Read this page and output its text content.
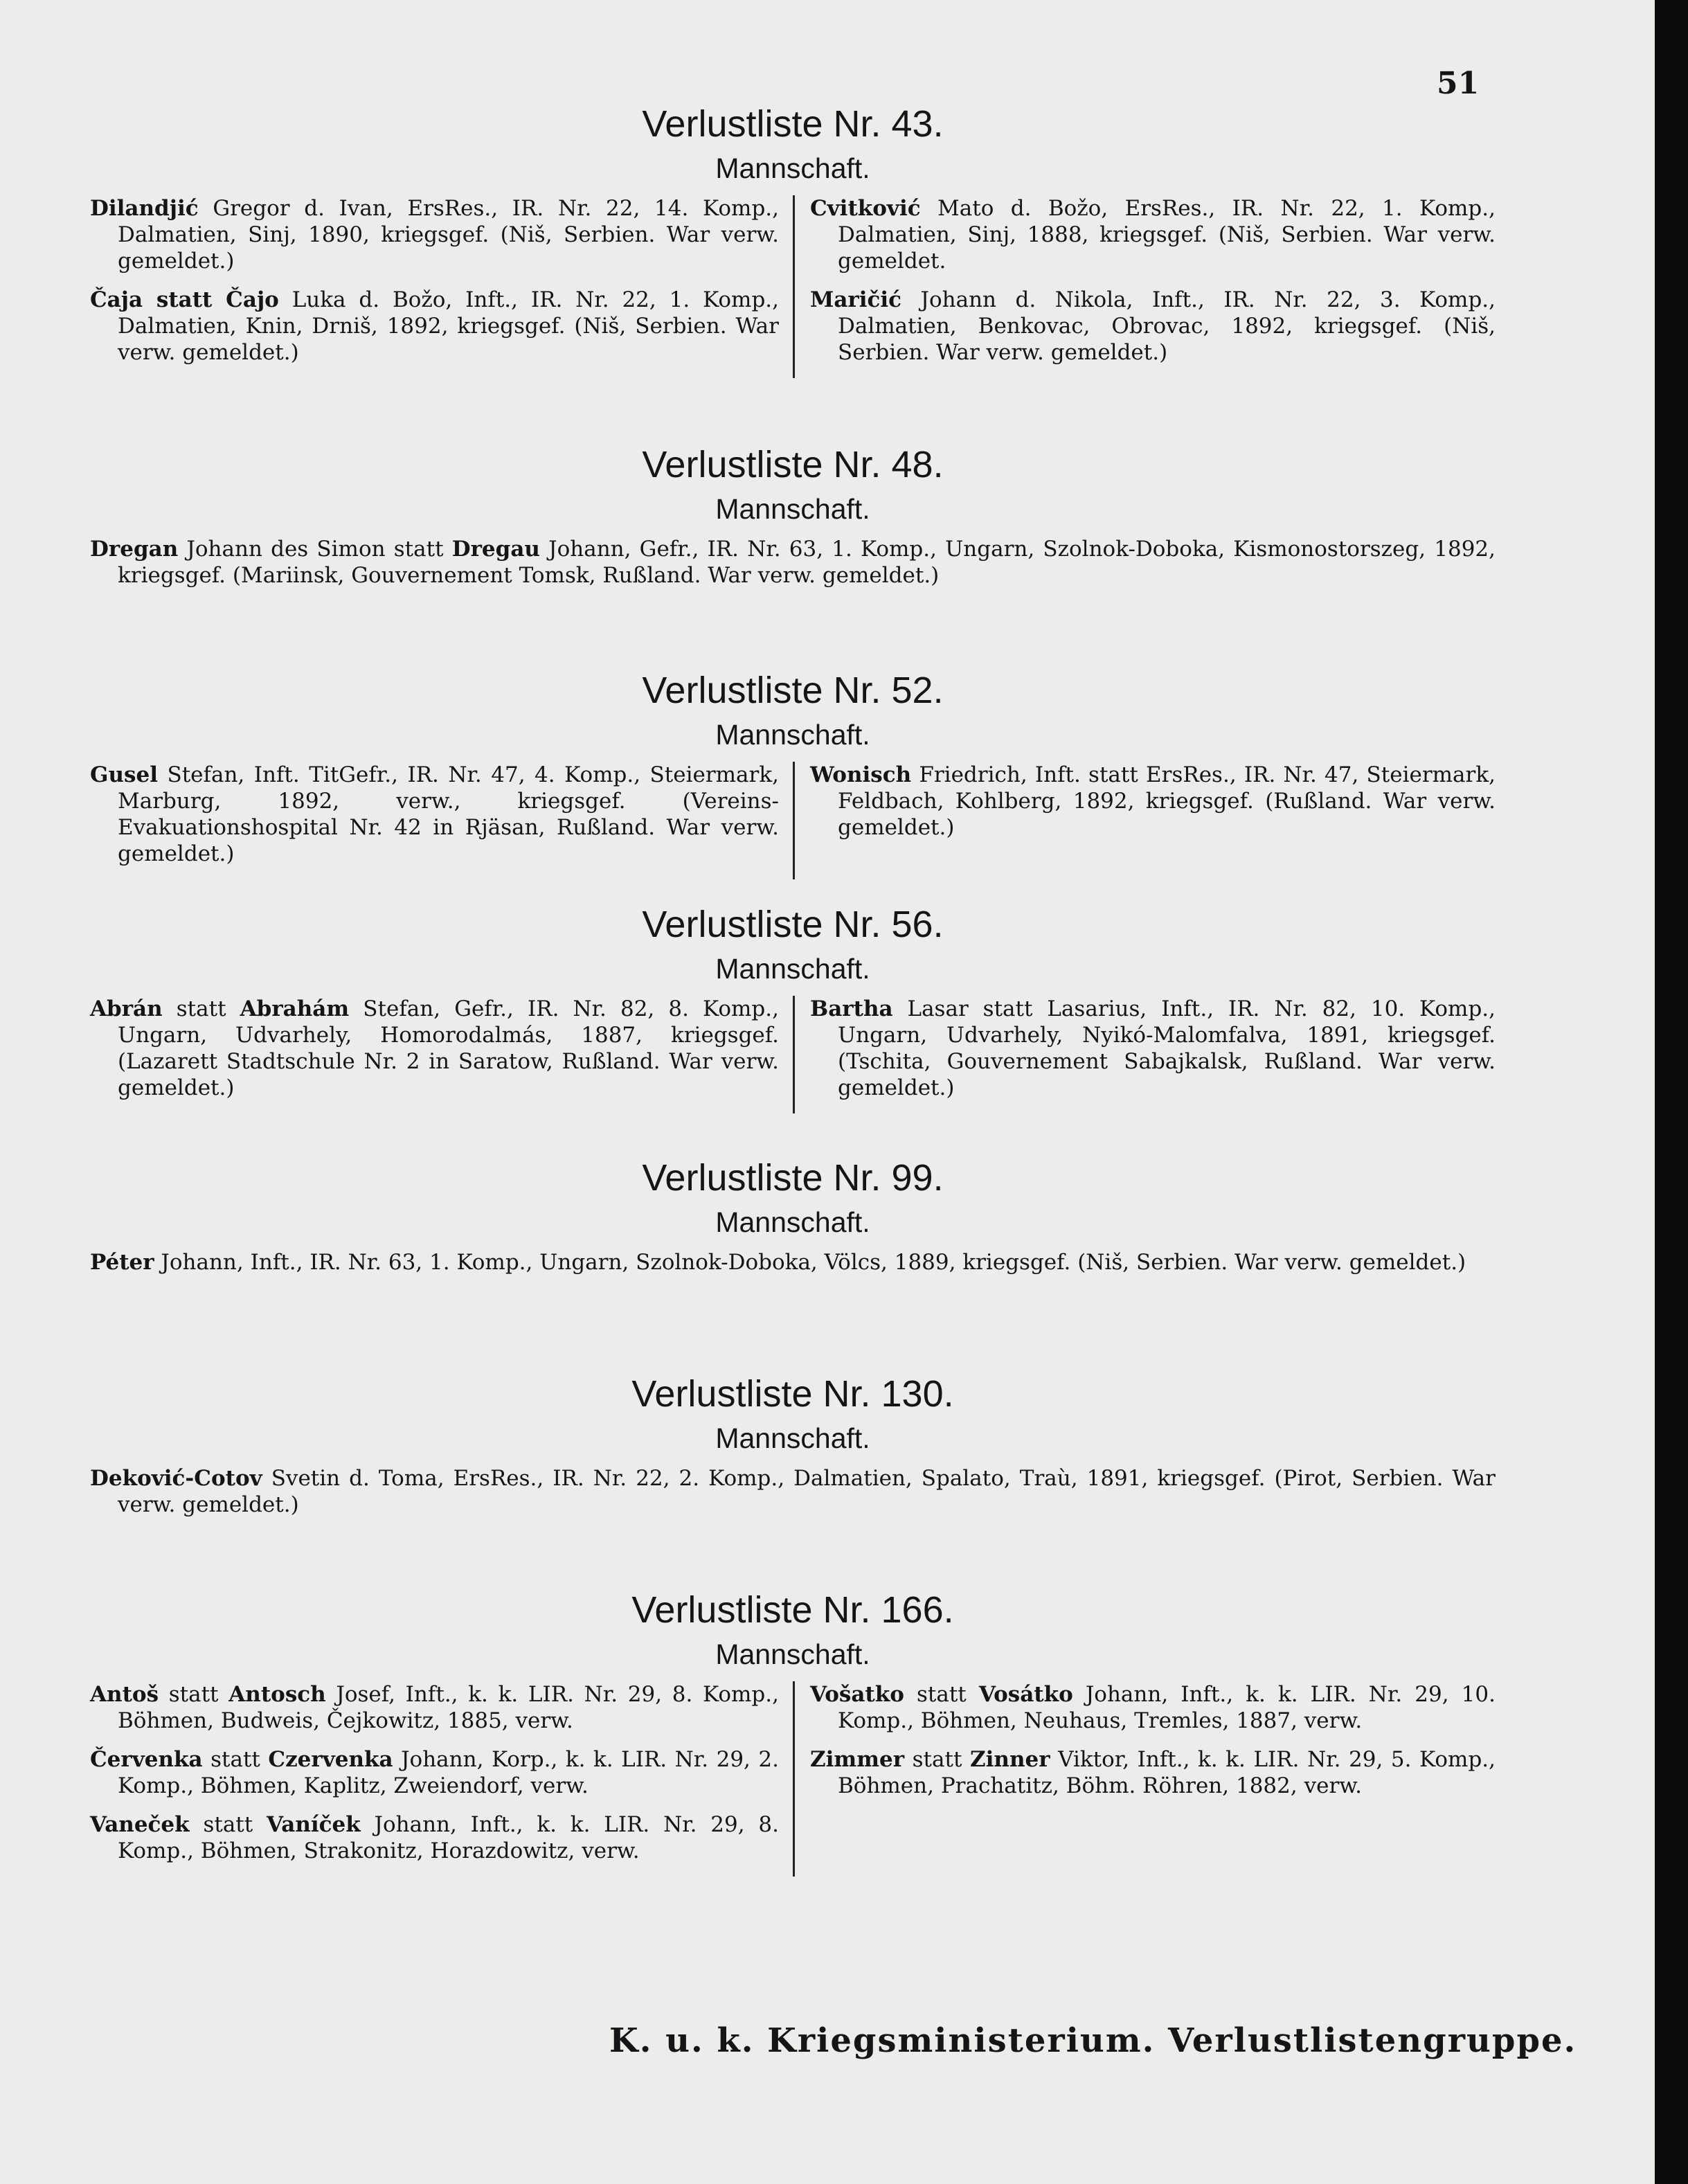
51
Verlustliste Nr. 43.
Mannschaft.

Dilandjić Gregor d. Ivan, ErsRes., IR. Nr. 22, 14. Komp., Dalmatien, Sinj, 1890, kriegsgef. (Niš, Serbien. War verw. gemeldet.)

Čaja statt Čajo Luka d. Božo, Inft., IR. Nr. 22, 1. Komp., Dalmatien, Knin, Drniš, 1892, kriegsgef. (Niš, Serbien. War verw. gemeldet.)

Cvitković Mato d. Božo, ErsRes., IR. Nr. 22, 1. Komp., Dalmatien, Sinj, 1888, kriegsgef. (Niš, Serbien. War verw. gemeldet.

Maričić Johann d. Nikola, Inft., IR. Nr. 22, 3. Komp., Dalmatien, Benkovac, Obrovac, 1892, kriegsgef. (Niš, Serbien. War verw. gemeldet.)

Verlustliste Nr. 48.
Mannschaft.

Dregan Johann des Simon statt Dregau Johann, Gefr., IR. Nr. 63, 1. Komp., Ungarn, Szolnok-Doboka, Kismonostorszeg, 1892, kriegsgef. (Mariinsk, Gouvernement Tomsk, Rußland. War verw. gemeldet.)

Verlustliste Nr. 52.
Mannschaft.

Gusel Stefan, Inft. TitGefr., IR. Nr. 47, 4. Komp., Steiermark, Marburg, 1892, verw., kriegsgef. (Vereins-Evakuationshospital Nr. 42 in Rjäsan, Rußland. War verw. gemeldet.)

Wonisch Friedrich, Inft. statt ErsRes., IR. Nr. 47, Steiermark, Feldbach, Kohlberg, 1892, kriegsgef. (Rußland. War verw. gemeldet.)

Verlustliste Nr. 56.
Mannschaft.

Abrán statt Abrahám Stefan, Gefr., IR. Nr. 82, 8. Komp., Ungarn, Udvarhely, Homorodalmás, 1887, kriegsgef. (Lazarett Stadtschule Nr. 2 in Saratow, Rußland. War verw. gemeldet.)

Bartha Lasar statt Lasarius, Inft., IR. Nr. 82, 10. Komp., Ungarn, Udvarhely, Nyikó-Malomfalva, 1891, kriegsgef. (Tschita, Gouvernement Sabajkalsk, Rußland. War verw. gemeldet.)

Verlustliste Nr. 99.
Mannschaft.

Péter Johann, Inft., IR. Nr. 63, 1. Komp., Ungarn, Szolnok-Doboka, Völcs, 1889, kriegsgef. (Niš, Serbien. War verw. gemeldet.)

Verlustliste Nr. 130.
Mannschaft.

Deković-Cotov Svetin d. Toma, ErsRes., IR. Nr. 22, 2. Komp., Dalmatien, Spalato, Traù, 1891, kriegsgef. (Pirot, Serbien. War verw. gemeldet.)

Verlustliste Nr. 166.
Mannschaft.

Antoš statt Antosch Josef, Inft., k. k. LIR. Nr. 29, 8. Komp., Böhmen, Budweis, Čejkowitz, 1885, verw.

Červenka statt Czervenka Johann, Korp., k. k. LIR. Nr. 29, 2. Komp., Böhmen, Kaplitz, Zweiendorf, verw.

Vaneček statt Vaníček Johann, Inft., k. k. LIR. Nr. 29, 8. Komp., Böhmen, Strakonitz, Horazdowitz, verw.

Vošatko statt Vosátko Johann, Inft., k. k. LIR. Nr. 29, 10. Komp., Böhmen, Neuhaus, Tremles, 1887, verw.

Zimmer statt Zinner Viktor, Inft., k. k. LIR. Nr. 29, 5. Komp., Böhmen, Prachatitz, Böhm. Röhren, 1882, verw.

K. u. k. Kriegsministerium. Verlustlistengruppe.
